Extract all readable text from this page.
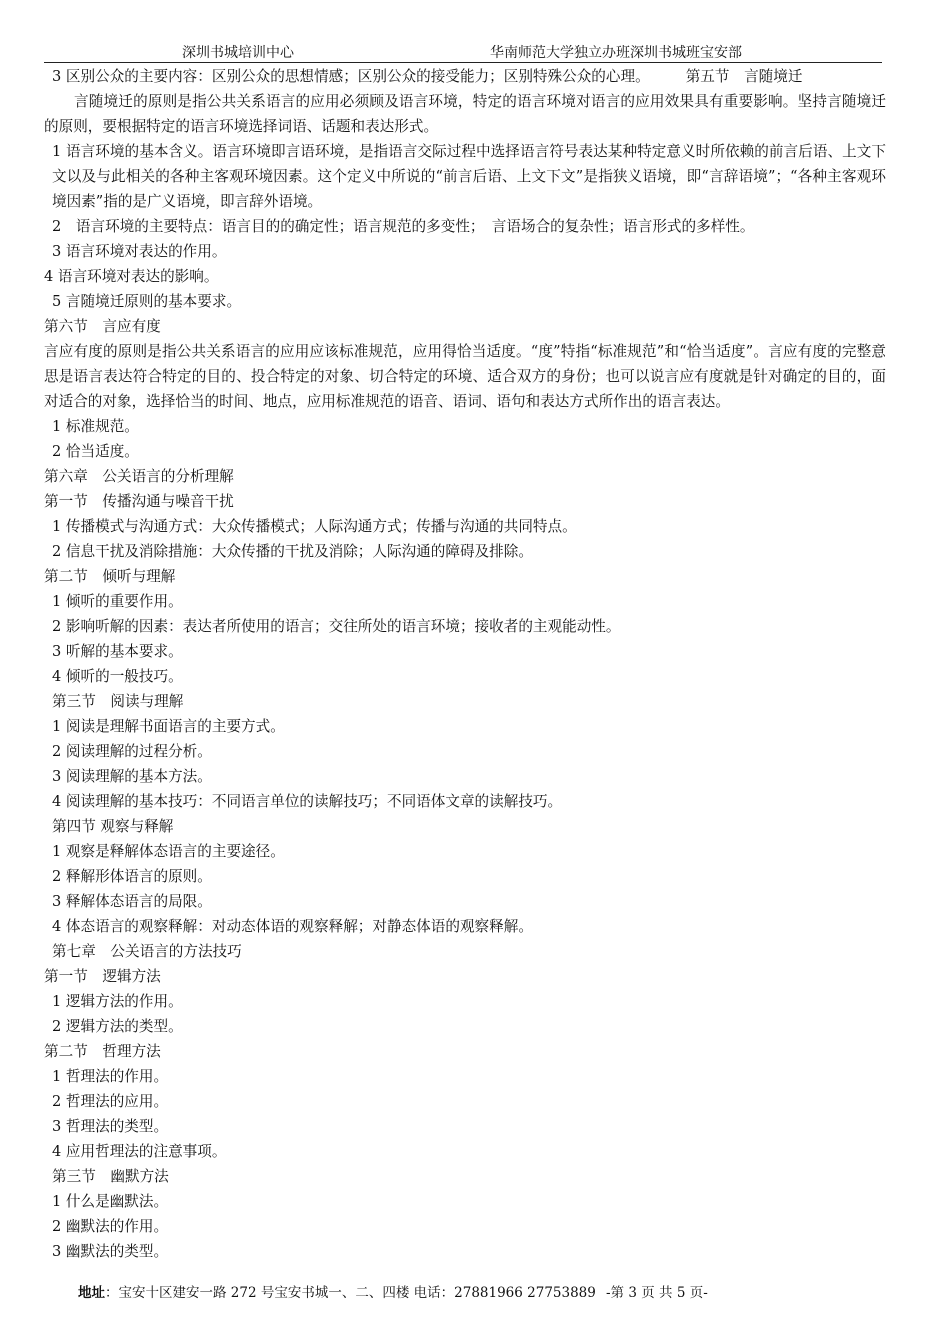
深圳书城培训中心	华南师范大学独立办班深圳书城班宝安部

3 区别公众的主要内容：区别公众的思想情感；区别公众的接受能力；区别特殊公众的心理。 第五节　言随境迁

言随境迁的原则是指公共关系语言的应用必须顾及语言环境，特定的语言环境对语言的应用效果具有重要影响。坚持言随境迁的原则，要根据特定的语言环境选择词语、话题和表达形式。

1 语言环境的基本含义。语言环境即言语环境，是指语言交际过程中选择语言符号表达某种特定意义时所依赖的前言后语、上文下文以及与此相关的各种主客观环境因素。这个定义中所说的“前言后语、上文下文”是指狭义语境，即“言辞语境”；“各种主客观环境因素”指的是广义语境，即言辞外语境。

2　语言环境的主要特点：语言目的的确定性；语言规范的多变性；　言语场合的复杂性；语言形式的多样性。

3 语言环境对表达的作用。

4 语言环境对表达的影响。

5 言随境迁原则的基本要求。

第六节　言应有度

言应有度的原则是指公共关系语言的应用应该标准规范，应用得恰当适度。“度”特指“标准规范”和“恰当适度”。言应有度的完整意思是语言表达符合特定的目的、投合特定的对象、切合特定的环境、适合双方的身份；也可以说言应有度就是针对确定的目的，面对适合的对象，选择恰当的时间、地点，应用标准规范的语音、语词、语句和表达方式所作出的语言表达。

1 标准规范。

2 恰当适度。

第六章　公关语言的分析理解

第一节　传播沟通与噪音干扰

1 传播模式与沟通方式：大众传播模式；人际沟通方式；传播与沟通的共同特点。

2 信息干扰及消除措施：大众传播的干扰及消除；人际沟通的障碍及排除。

第二节　倾听与理解

1 倾听的重要作用。

2 影响听解的因素：表达者所使用的语言；交往所处的语言环境；接收者的主观能动性。

3 听解的基本要求。

4 倾听的一般技巧。

第三节　阅读与理解

1 阅读是理解书面语言的主要方式。

2 阅读理解的过程分析。

3 阅读理解的基本方法。

4 阅读理解的基本技巧：不同语言单位的读解技巧；不同语体文章的读解技巧。

第四节 观察与释解

1 观察是释解体态语言的主要途径。

2 释解形体语言的原则。

3 释解体态语言的局限。

4 体态语言的观察释解：对动态体语的观察释解；对静态体语的观察释解。

第七章　公关语言的方法技巧

第一节　逻辑方法

1 逻辑方法的作用。

2 逻辑方法的类型。

第二节　哲理方法

1 哲理法的作用。

2 哲理法的应用。

3 哲理法的类型。

4 应用哲理法的注意事项。

第三节　幽默方法

1 什么是幽默法。

2 幽默法的作用。

3 幽默法的类型。

地址：宝安十区建安一路 272 号宝安书城一、二、四楼 电话：27881966 27753889 -第 3 页 共 5 页-
